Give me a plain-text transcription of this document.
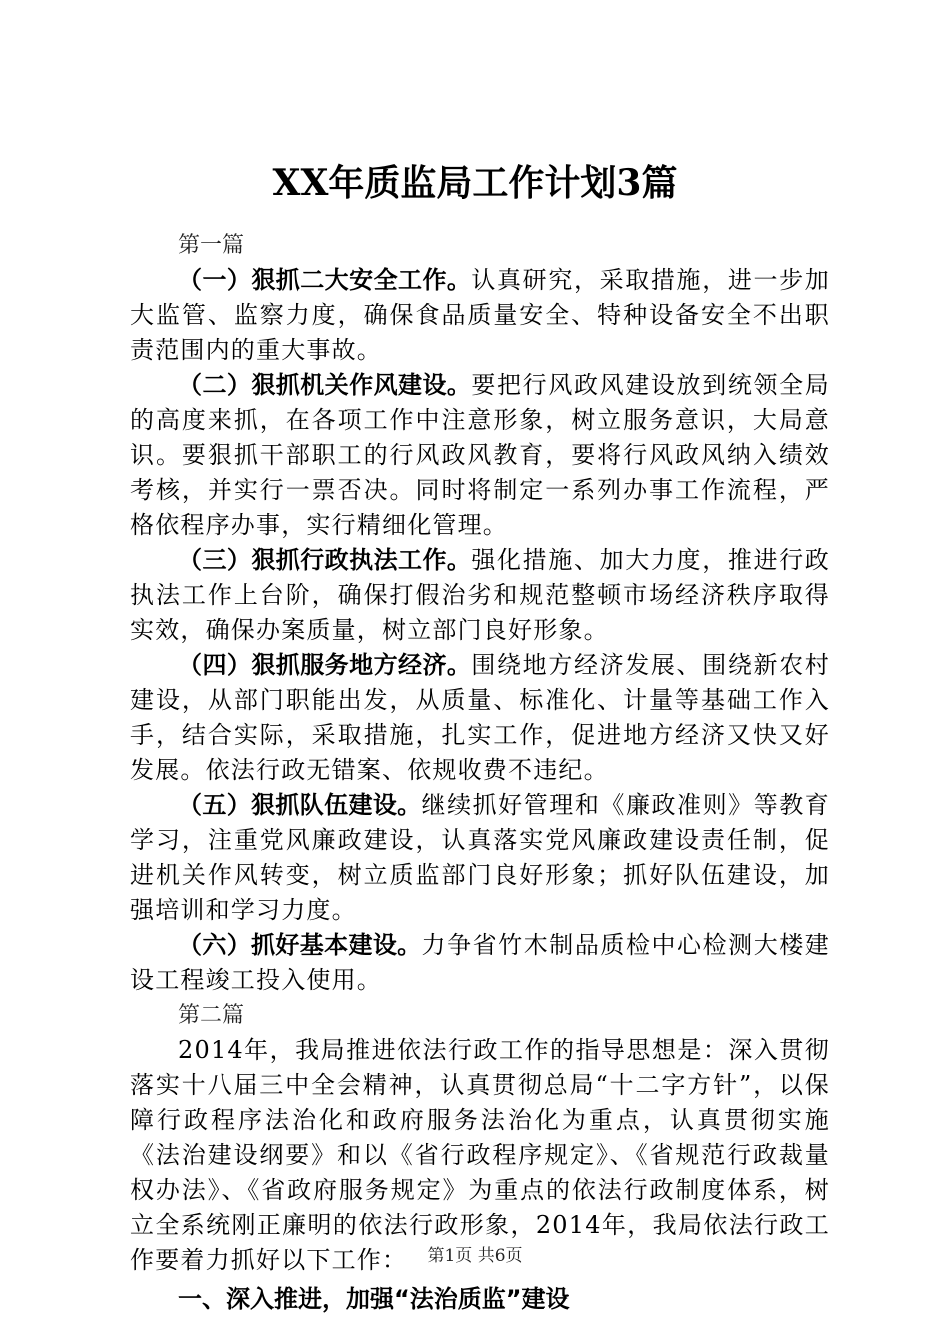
XX年质监局工作计划3篇

第一篇

（一）狠抓二大安全工作。认真研究，采取措施，进一步加大监管、监察力度，确保食品质量安全、特种设备安全不出职责范围内的重大事故。

（二）狠抓机关作风建设。要把行风政风建设放到统领全局的高度来抓，在各项工作中注意形象，树立服务意识，大局意识。要狠抓干部职工的行风政风教育，要将行风政风纳入绩效考核，并实行一票否决。同时将制定一系列办事工作流程，严格依程序办事，实行精细化管理。

（三）狠抓行政执法工作。强化措施、加大力度，推进行政执法工作上台阶，确保打假治劣和规范整顿市场经济秩序取得实效，确保办案质量，树立部门良好形象。

（四）狠抓服务地方经济。围绕地方经济发展、围绕新农村建设，从部门职能出发，从质量、标准化、计量等基础工作入手，结合实际，采取措施，扎实工作，促进地方经济又快又好发展。依法行政无错案、依规收费不违纪。

（五）狠抓队伍建设。继续抓好管理和《廉政准则》等教育学习，注重党风廉政建设，认真落实党风廉政建设责任制，促进机关作风转变，树立质监部门良好形象；抓好队伍建设，加强培训和学习力度。

（六）抓好基本建设。力争省竹木制品质检中心检测大楼建设工程竣工投入使用。

第二篇

2014年，我局推进依法行政工作的指导思想是：深入贯彻落实十八届三中全会精神，认真贯彻总局“十二字方针”，以保障行政程序法治化和政府服务法治化为重点，认真贯彻实施《法治建设纲要》和以《省行政程序规定》、《省规范行政裁量权办法》、《省政府服务规定》为重点的依法行政制度体系，树立全系统刚正廉明的依法行政形象，2014年，我局依法行政工作要着力抓好以下工作：

一、深入推进，加强“法治质监”建设

第1页 共6页
